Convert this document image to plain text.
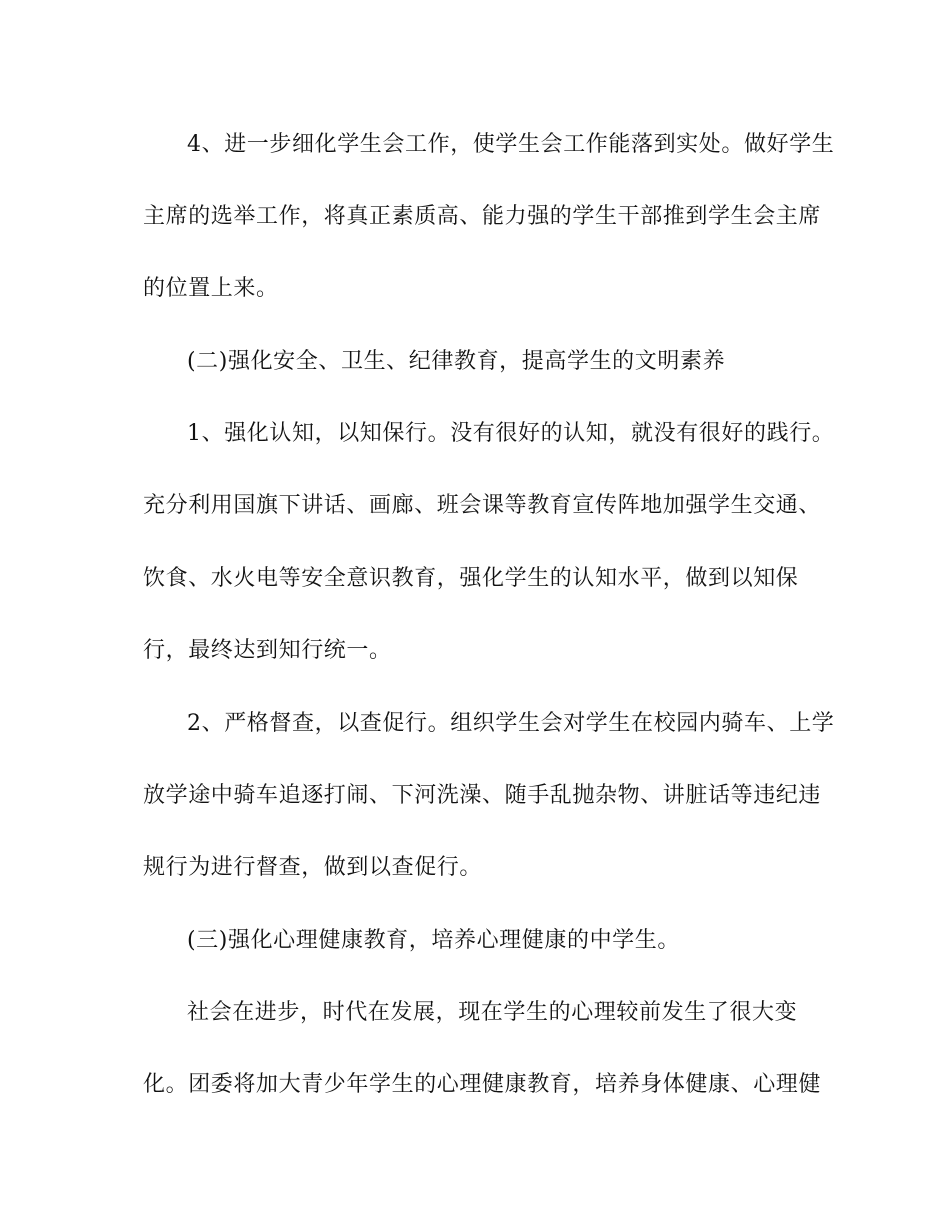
4、进一步细化学生会工作，使学生会工作能落到实处。做好学生
主席的选举工作，将真正素质高、能力强的学生干部推到学生会主席
的位置上来。
(二)强化安全、卫生、纪律教育，提高学生的文明素养
1、强化认知，以知保行。没有很好的认知，就没有很好的践行。
充分利用国旗下讲话、画廊、班会课等教育宣传阵地加强学生交通、
饮食、水火电等安全意识教育，强化学生的认知水平，做到以知保
行，最终达到知行统一。
2、严格督查，以查促行。组织学生会对学生在校园内骑车、上学
放学途中骑车追逐打闹、下河洗澡、随手乱抛杂物、讲脏话等违纪违
规行为进行督查，做到以查促行。
(三)强化心理健康教育，培养心理健康的中学生。
社会在进步，时代在发展，现在学生的心理较前发生了很大变
化。团委将加大青少年学生的心理健康教育，培养身体健康、心理健
